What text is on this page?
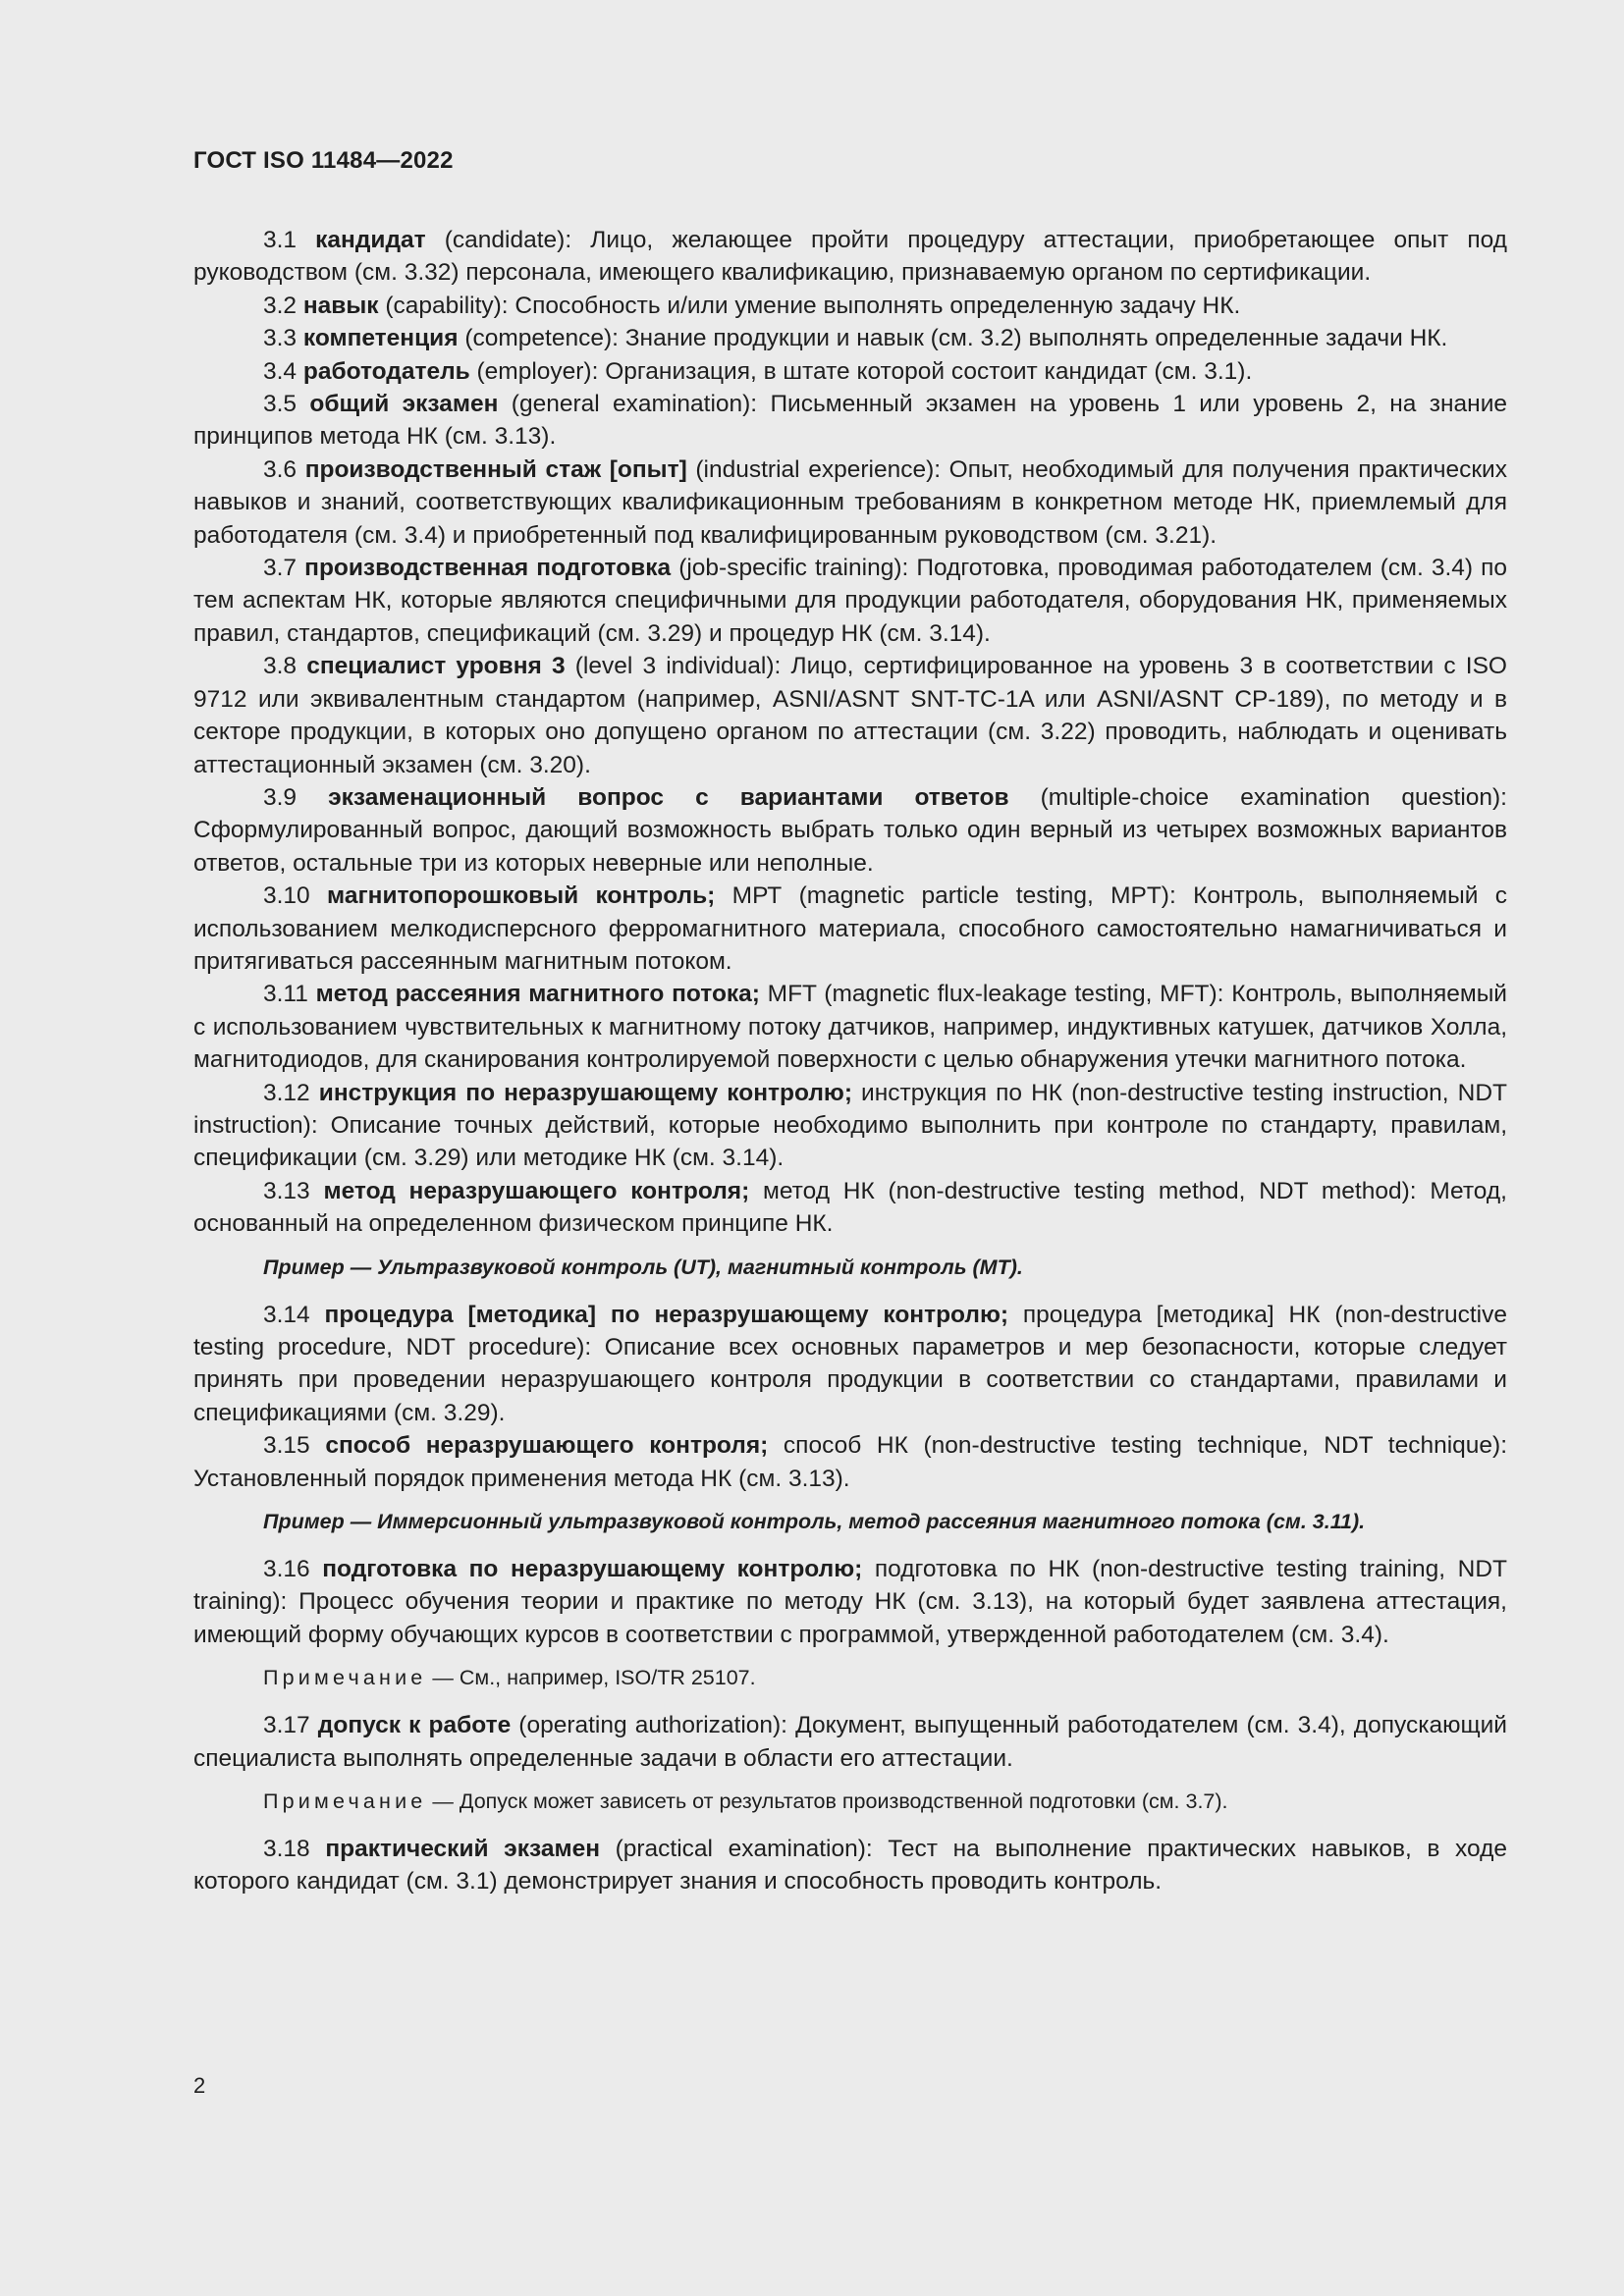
ГОСТ ISO 11484—2022

3.1 кандидат (candidate): Лицо, желающее пройти процедуру аттестации, приобретающее опыт под руководством (см. 3.32) персонала, имеющего квалификацию, признаваемую органом по сертификации.

3.2 навык (capability): Способность и/или умение выполнять определенную задачу НК.

3.3 компетенция (competence): Знание продукции и навык (см. 3.2) выполнять определенные задачи НК.

3.4 работодатель (employer): Организация, в штате которой состоит кандидат (см. 3.1).

3.5 общий экзамен (general examination): Письменный экзамен на уровень 1 или уровень 2, на знание принципов метода НК (см. 3.13).

3.6 производственный стаж [опыт] (industrial experience): Опыт, необходимый для получения практических навыков и знаний, соответствующих квалификационным требованиям в конкретном методе НК, приемлемый для работодателя (см. 3.4) и приобретенный под квалифицированным руководством (см. 3.21).

3.7 производственная подготовка (job-specific training): Подготовка, проводимая работодателем (см. 3.4) по тем аспектам НК, которые являются специфичными для продукции работодателя, оборудования НК, применяемых правил, стандартов, спецификаций (см. 3.29) и процедур НК (см. 3.14).

3.8 специалист уровня 3 (level 3 individual): Лицо, сертифицированное на уровень 3 в соответствии с ISO 9712 или эквивалентным стандартом (например, ASNI/ASNT SNT-TC-1A или ASNI/ASNT CP-189), по методу и в секторе продукции, в которых оно допущено органом по аттестации (см. 3.22) проводить, наблюдать и оценивать аттестационный экзамен (см. 3.20).

3.9 экзаменационный вопрос с вариантами ответов (multiple-choice examination question): Сформулированный вопрос, дающий возможность выбрать только один верный из четырех возможных вариантов ответов, остальные три из которых неверные или неполные.

3.10 магнитопорошковый контроль; МРТ (magnetic particle testing, MPT): Контроль, выполняемый с использованием мелкодисперсного ферромагнитного материала, способного самостоятельно намагничиваться и притягиваться рассеянным магнитным потоком.

3.11 метод рассеяния магнитного потока; MFT (magnetic flux-leakage testing, MFT): Контроль, выполняемый с использованием чувствительных к магнитному потоку датчиков, например, индуктивных катушек, датчиков Холла, магнитодиодов, для сканирования контролируемой поверхности с целью обнаружения утечки магнитного потока.

3.12 инструкция по неразрушающему контролю; инструкция по НК (non-destructive testing instruction, NDT instruction): Описание точных действий, которые необходимо выполнить при контроле по стандарту, правилам, спецификации (см. 3.29) или методике НК (см. 3.14).

3.13 метод неразрушающего контроля; метод НК (non-destructive testing method, NDT method): Метод, основанный на определенном физическом принципе НК.

Пример — Ультразвуковой контроль (UT), магнитный контроль (МТ).

3.14 процедура [методика] по неразрушающему контролю; процедура [методика] НК (non-destructive testing procedure, NDT procedure): Описание всех основных параметров и мер безопасности, которые следует принять при проведении неразрушающего контроля продукции в соответствии со стандартами, правилами и спецификациями (см. 3.29).

3.15 способ неразрушающего контроля; способ НК (non-destructive testing technique, NDT technique): Установленный порядок применения метода НК (см. 3.13).

Пример — Иммерсионный ультразвуковой контроль, метод рассеяния магнитного потока (см. 3.11).

3.16 подготовка по неразрушающему контролю; подготовка по НК (non-destructive testing training, NDT training): Процесс обучения теории и практике по методу НК (см. 3.13), на который будет заявлена аттестация, имеющий форму обучающих курсов в соответствии с программой, утвержденной работодателем (см. 3.4).

Примечание — См., например, ISO/TR 25107.

3.17 допуск к работе (operating authorization): Документ, выпущенный работодателем (см. 3.4), допускающий специалиста выполнять определенные задачи в области его аттестации.

Примечание — Допуск может зависеть от результатов производственной подготовки (см. 3.7).

3.18 практический экзамен (practical examination): Тест на выполнение практических навыков, в ходе которого кандидат (см. 3.1) демонстрирует знания и способность проводить контроль.

2
